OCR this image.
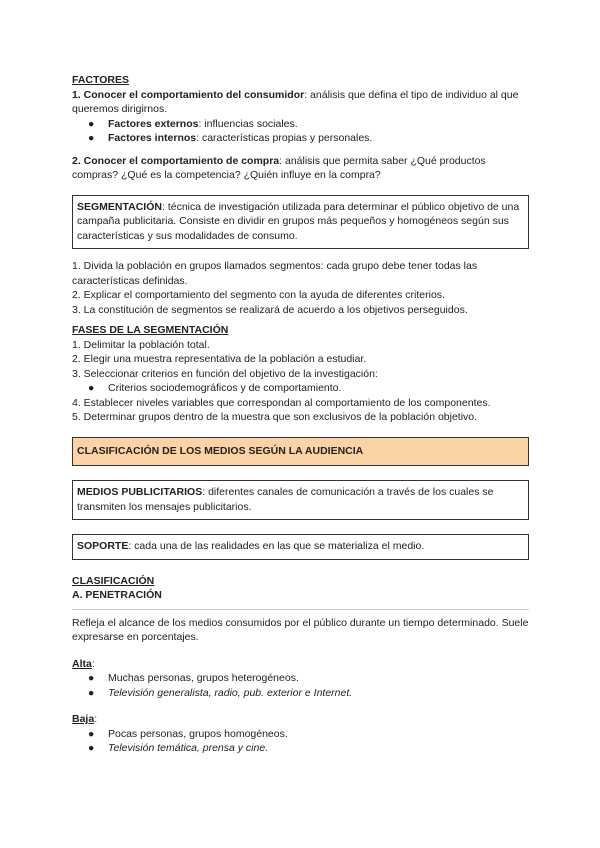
FACTORES
1. Conocer el comportamiento del consumidor: análisis que defina el tipo de individuo al que queremos dirigirnos.
● Factores externos: influencias sociales.
● Factores internos: características propias y personales.
2. Conocer el comportamiento de compra: análisis que permita saber ¿Qué productos compras? ¿Qué es la competencia? ¿Quién influye en la compra?
SEGMENTACIÓN: técnica de investigación utilizada para determinar el público objetivo de una campaña publicitaria. Consiste en dividir en grupos más pequeños y homogéneos según sus características y sus modalidades de consumo.
1. Divida la población en grupos llamados segmentos: cada grupo debe tener todas las características definidas.
2. Explicar el comportamiento del segmento con la ayuda de diferentes criterios.
3. La constitución de segmentos se realizará de acuerdo a los objetivos perseguidos.
FASES DE LA SEGMENTACIÓN
1. Delimitar la población total.
2. Elegir una muestra representativa de la población a estudiar.
3. Seleccionar criterios en función del objetivo de la investigación:
● Criterios sociodemográficos y de comportamiento.
4. Establecer niveles variables que correspondan al comportamiento de los componentes.
5. Determinar grupos dentro de la muestra que son exclusivos de la población objetivo.
CLASIFICACIÓN DE LOS MEDIOS SEGÚN LA AUDIENCIA
MEDIOS PUBLICITARIOS: diferentes canales de comunicación a través de los cuales se transmiten los mensajes publicitarios.
SOPORTE: cada una de las realidades en las que se materializa el medio.
CLASIFICACIÓN
A. PENETRACIÓN
Refleja el alcance de los medios consumidos por el público durante un tiempo determinado. Suele expresarse en porcentajes.
Alta:
● Muchas personas, grupos heterogéneos.
● Televisión generalista, radio, pub. exterior e Internet.
Baja:
● Pocas personas, grupos homogéneos.
● Televisión temática, prensa y cine.
